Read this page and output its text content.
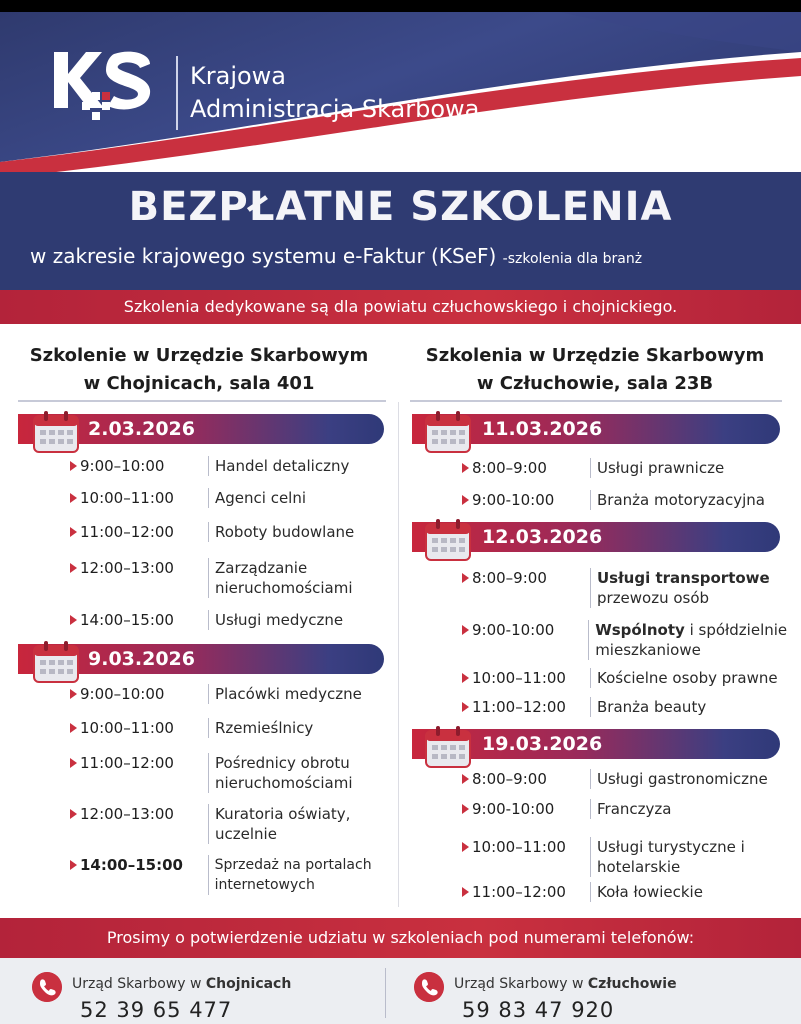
Krajowa
Administracja Skarbowa
BEZPŁATNE SZKOLENIA
w zakresie krajowego systemu e-Faktur (KSeF) -szkolenia dla branż
Szkolenia dedykowane są dla powiatu człuchowskiego i chojnickiego.
Szkolenie w Urzędzie Skarbowym
w Chojnicach, sala 401
Szkolenia w Urzędzie Skarbowym
w Człuchowie, sala 23B
2.03.2026
9:00–10:00	Handel detaliczny
10:00–11:00	Agenci celni
11:00–12:00	Roboty budowlane
12:00–13:00	Zarządzanie nieruchomościami
14:00–15:00	Usługi medyczne
9.03.2026
9:00–10:00	Placówki medyczne
10:00–11:00	Rzemieślnicy
11:00–12:00	Pośrednicy obrotu nieruchomościami
12:00–13:00	Kuratoria oświaty, uczelnie
14:00–15:00	Sprzedaż na portalach internetowych
11.03.2026
8:00–9:00	Usługi prawnicze
9:00-10:00	Branża motoryzacyjna
12.03.2026
8:00–9:00	Usługi transportowe przewozu osób
9:00-10:00	Wspólnoty i spółdzielnie mieszkaniowe
10:00–11:00	Kościelne osoby prawne
11:00–12:00	Branża beauty
19.03.2026
8:00–9:00	Usługi gastronomiczne
9:00-10:00	Franczyza
10:00–11:00	Usługi turystyczne i hotelarskie
11:00–12:00	Koła łowieckie
Prosimy o potwierdzenie udziatu w szkoleniach pod numerami telefonów:
Urząd Skarbowy w Chojnicach
52 39 65 477
Urząd Skarbowy w Człuchowie
59 83 47 920
